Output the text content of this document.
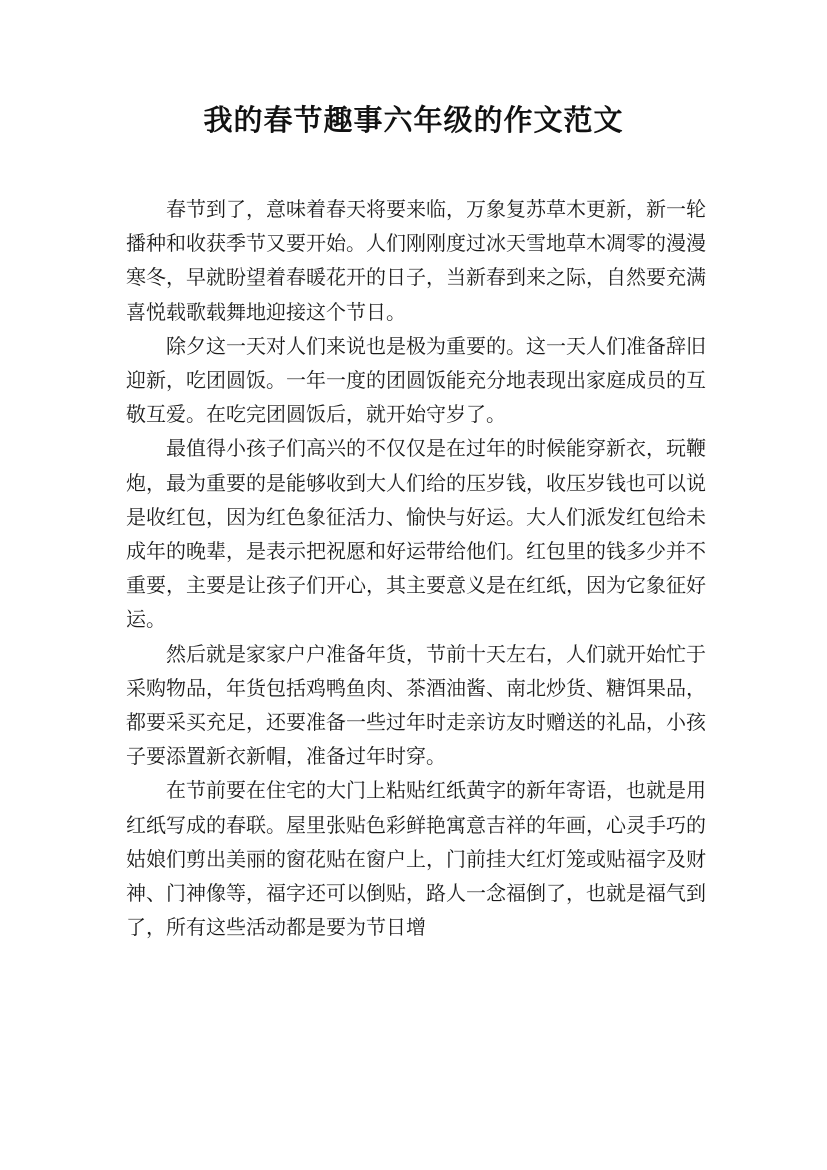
我的春节趣事六年级的作文范文

春节到了，意味着春天将要来临，万象复苏草木更新，新一轮播种和收获季节又要开始。人们刚刚度过冰天雪地草木凋零的漫漫寒冬，早就盼望着春暖花开的日子，当新春到来之际，自然要充满喜悦载歌载舞地迎接这个节日。

除夕这一天对人们来说也是极为重要的。这一天人们准备辞旧迎新，吃团圆饭。一年一度的团圆饭能充分地表现出家庭成员的互敬互爱。在吃完团圆饭后，就开始守岁了。

最值得小孩子们高兴的不仅仅是在过年的时候能穿新衣，玩鞭炮，最为重要的是能够收到大人们给的压岁钱，收压岁钱也可以说是收红包，因为红色象征活力、愉快与好运。大人们派发红包给未成年的晚辈，是表示把祝愿和好运带给他们。红包里的钱多少并不重要，主要是让孩子们开心，其主要意义是在红纸，因为它象征好运。

然后就是家家户户准备年货，节前十天左右，人们就开始忙于采购物品，年货包括鸡鸭鱼肉、茶酒油酱、南北炒货、糖饵果品，都要采买充足，还要准备一些过年时走亲访友时赠送的礼品，小孩子要添置新衣新帽，准备过年时穿。

在节前要在住宅的大门上粘贴红纸黄字的新年寄语，也就是用红纸写成的春联。屋里张贴色彩鲜艳寓意吉祥的年画，心灵手巧的姑娘们剪出美丽的窗花贴在窗户上，门前挂大红灯笼或贴福字及财神、门神像等，福字还可以倒贴，路人一念福倒了，也就是福气到了，所有这些活动都是要为节日增
